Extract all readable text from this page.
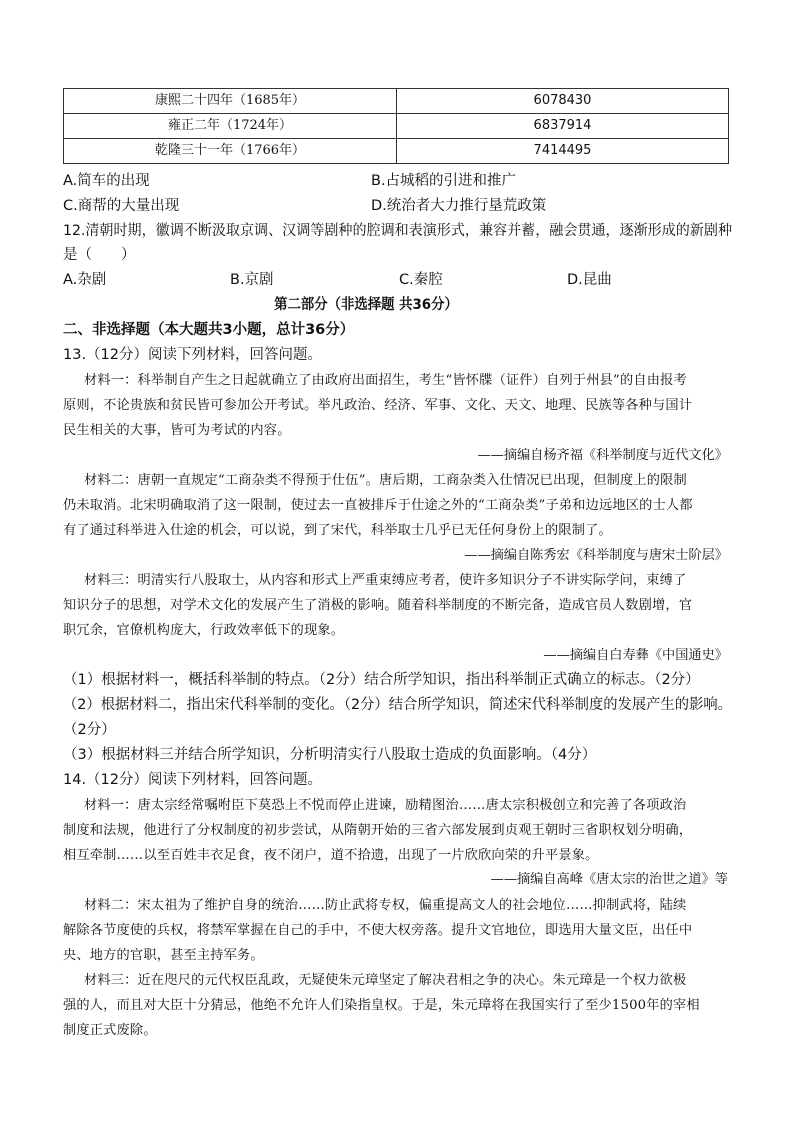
康熙二十四年（1685年）	6078430
雍正二年（1724年）	6837914
乾隆三十一年（1766年）	7414495
A.简车的出现	B.占城稻的引进和推广
C.商帮的大量出现	D.统治者大力推行垦荒政策
12.清朝时期，徽调不断汲取京调、汉调等剧种的腔调和表演形式，兼容并蓄，融会贯通，逐渐形成的新剧种
是（　　）
A.杂剧	B.京剧	C.秦腔	D.昆曲
第二部分（非选择题 共36分）
二、非选择题（本大题共3小题，总计36分）
13.（12分）阅读下列材料，回答问题。
材料一：科举制自产生之日起就确立了由政府出面招生，考生“皆怀牒（证件）自列于州县”的自由报考
原则，不论贵族和贫民皆可参加公开考试。举凡政治、经济、军事、文化、天文、地理、民族等各种与国计
民生相关的大事，皆可为考试的内容。
——摘编自杨齐福《科举制度与近代文化》
材料二：唐朝一直规定“工商杂类不得预于仕伍”。唐后期，工商杂类入仕情况已出现，但制度上的限制
仍未取消。北宋明确取消了这一限制，使过去一直被排斥于仕途之外的“工商杂类”子弟和边远地区的士人都
有了通过科举进入仕途的机会，可以说，到了宋代，科举取士几乎已无任何身份上的限制了。
——摘编自陈秀宏《科举制度与唐宋士阶层》
材料三：明清实行八股取士，从内容和形式上严重束缚应考者，使许多知识分子不讲实际学问，束缚了
知识分子的思想，对学术文化的发展产生了消极的影响。随着科举制度的不断完备，造成官员人数剧增，官
职冗余，官僚机构庞大，行政效率低下的现象。
——摘编自白寿彝《中国通史》
（1）根据材料一，概括科举制的特点。（2分）结合所学知识，指出科举制正式确立的标志。（2分）
（2）根据材料二，指出宋代科举制的变化。（2分）结合所学知识，简述宋代科举制度的发展产生的影响。
（2分）
（3）根据材料三并结合所学知识，分析明清实行八股取士造成的负面影响。（4分）
14.（12分）阅读下列材料，回答问题。
材料一：唐太宗经常嘱咐臣下莫恐上不悦而停止进谏，励精图治……唐太宗积极创立和完善了各项政治
制度和法规，他进行了分权制度的初步尝试，从隋朝开始的三省六部发展到贞观王朝时三省职权划分明确，
相互牵制……以至百姓丰衣足食，夜不闭户，道不拾遗，出现了一片欣欣向荣的升平景象。
——摘编自高峰《唐太宗的治世之道》等
材料二：宋太祖为了维护自身的统治……防止武将专权，偏重提高文人的社会地位……抑制武将，陆续
解除各节度使的兵权，将禁军掌握在自己的手中，不使大权旁落。提升文官地位，即选用大量文臣，出任中
央、地方的官职，甚至主持军务。
材料三：近在咫尺的元代权臣乱政，无疑使朱元璋坚定了解决君相之争的决心。朱元璋是一个权力欲极
强的人，而且对大臣十分猜忌，他绝不允许人们染指皇权。于是，朱元璋将在我国实行了至少1500年的宰相
制度正式废除。
